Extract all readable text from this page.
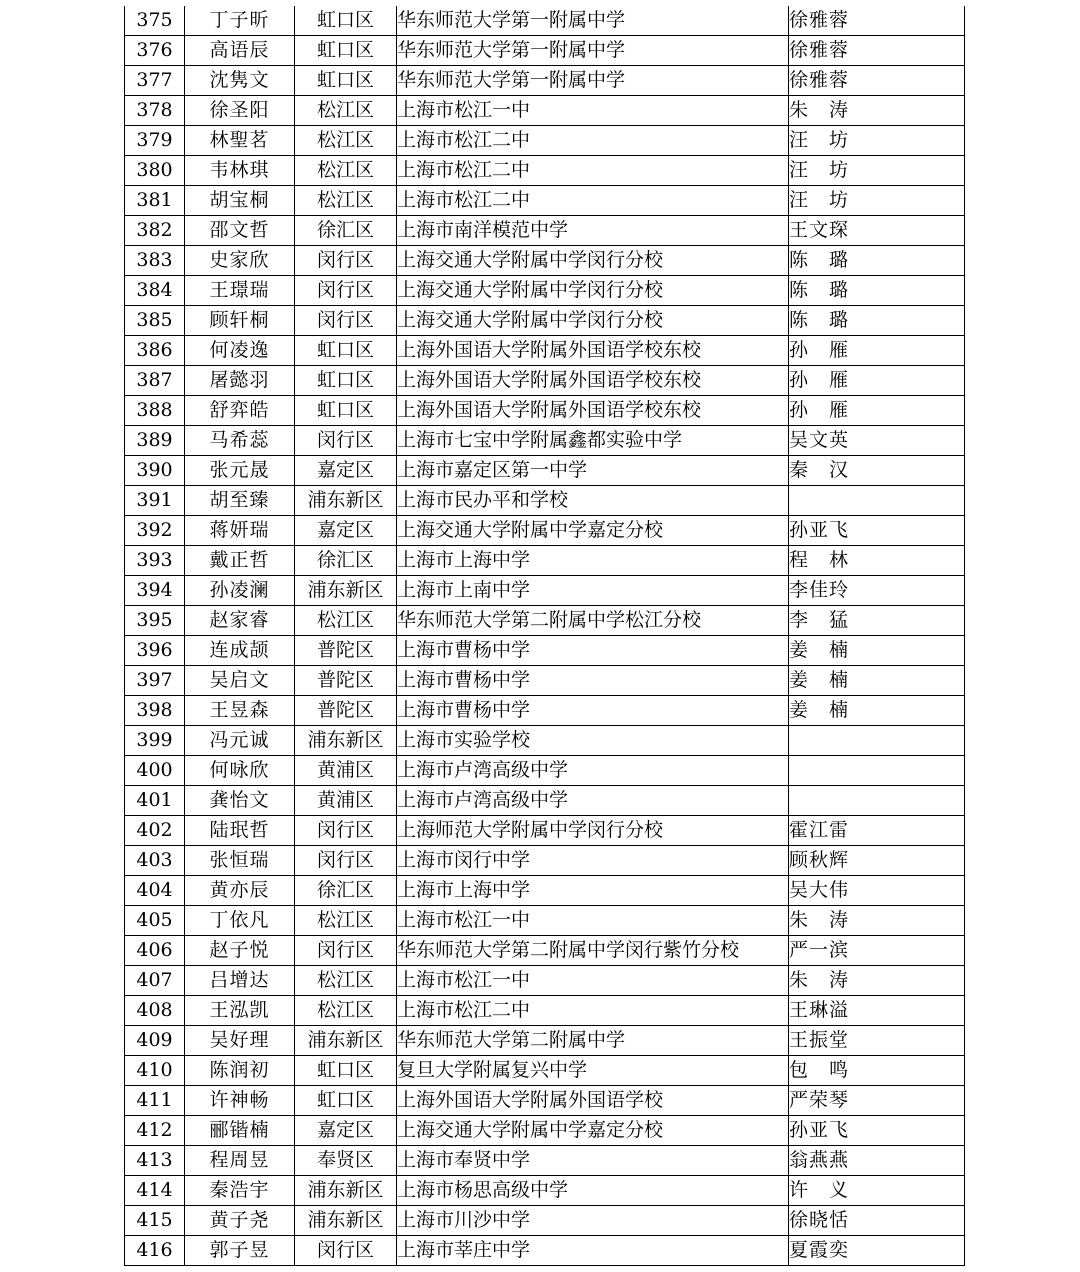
375	丁子昕	虹口区	华东师范大学第一附属中学	徐雅蓉
376	高语辰	虹口区	华东师范大学第一附属中学	徐雅蓉
377	沈隽文	虹口区	华东师范大学第一附属中学	徐雅蓉
378	徐圣阳	松江区	上海市松江一中	朱　涛
379	林聖茗	松江区	上海市松江二中	汪　坊
380	韦林琪	松江区	上海市松江二中	汪　坊
381	胡宝桐	松江区	上海市松江二中	汪　坊
382	邵文哲	徐汇区	上海市南洋模范中学	王文琛
383	史家欣	闵行区	上海交通大学附属中学闵行分校	陈　璐
384	王璟瑞	闵行区	上海交通大学附属中学闵行分校	陈　璐
385	顾轩桐	闵行区	上海交通大学附属中学闵行分校	陈　璐
386	何凌逸	虹口区	上海外国语大学附属外国语学校东校	孙　雁
387	屠懿羽	虹口区	上海外国语大学附属外国语学校东校	孙　雁
388	舒弈皓	虹口区	上海外国语大学附属外国语学校东校	孙　雁
389	马希蕊	闵行区	上海市七宝中学附属鑫都实验中学	吴文英
390	张元晟	嘉定区	上海市嘉定区第一中学	秦　汉
391	胡至臻	浦东新区	上海市民办平和学校	
392	蒋妍瑞	嘉定区	上海交通大学附属中学嘉定分校	孙亚飞
393	戴正哲	徐汇区	上海市上海中学	程　林
394	孙凌澜	浦东新区	上海市上南中学	李佳玲
395	赵家睿	松江区	华东师范大学第二附属中学松江分校	李　猛
396	连成颉	普陀区	上海市曹杨中学	姜　楠
397	吴启文	普陀区	上海市曹杨中学	姜　楠
398	王昱森	普陀区	上海市曹杨中学	姜　楠
399	冯元诚	浦东新区	上海市实验学校	
400	何咏欣	黄浦区	上海市卢湾高级中学	
401	龚怡文	黄浦区	上海市卢湾高级中学	
402	陆珉哲	闵行区	上海师范大学附属中学闵行分校	霍江雷
403	张恒瑞	闵行区	上海市闵行中学	顾秋辉
404	黄亦辰	徐汇区	上海市上海中学	吴大伟
405	丁依凡	松江区	上海市松江一中	朱　涛
406	赵子悦	闵行区	华东师范大学第二附属中学闵行紫竹分校	严一滨
407	吕增达	松江区	上海市松江一中	朱　涛
408	王泓凯	松江区	上海市松江二中	王琳溢
409	吴好理	浦东新区	华东师范大学第二附属中学	王振堂
410	陈润初	虹口区	复旦大学附属复兴中学	包　鸣
411	许神畅	虹口区	上海外国语大学附属外国语学校	严荣琴
412	郦锴楠	嘉定区	上海交通大学附属中学嘉定分校	孙亚飞
413	程周昱	奉贤区	上海市奉贤中学	翁燕燕
414	秦浩宇	浦东新区	上海市杨思高级中学	许　义
415	黄子尧	浦东新区	上海市川沙中学	徐晓恬
416	郭子昱	闵行区	上海市莘庄中学	夏霞奕
